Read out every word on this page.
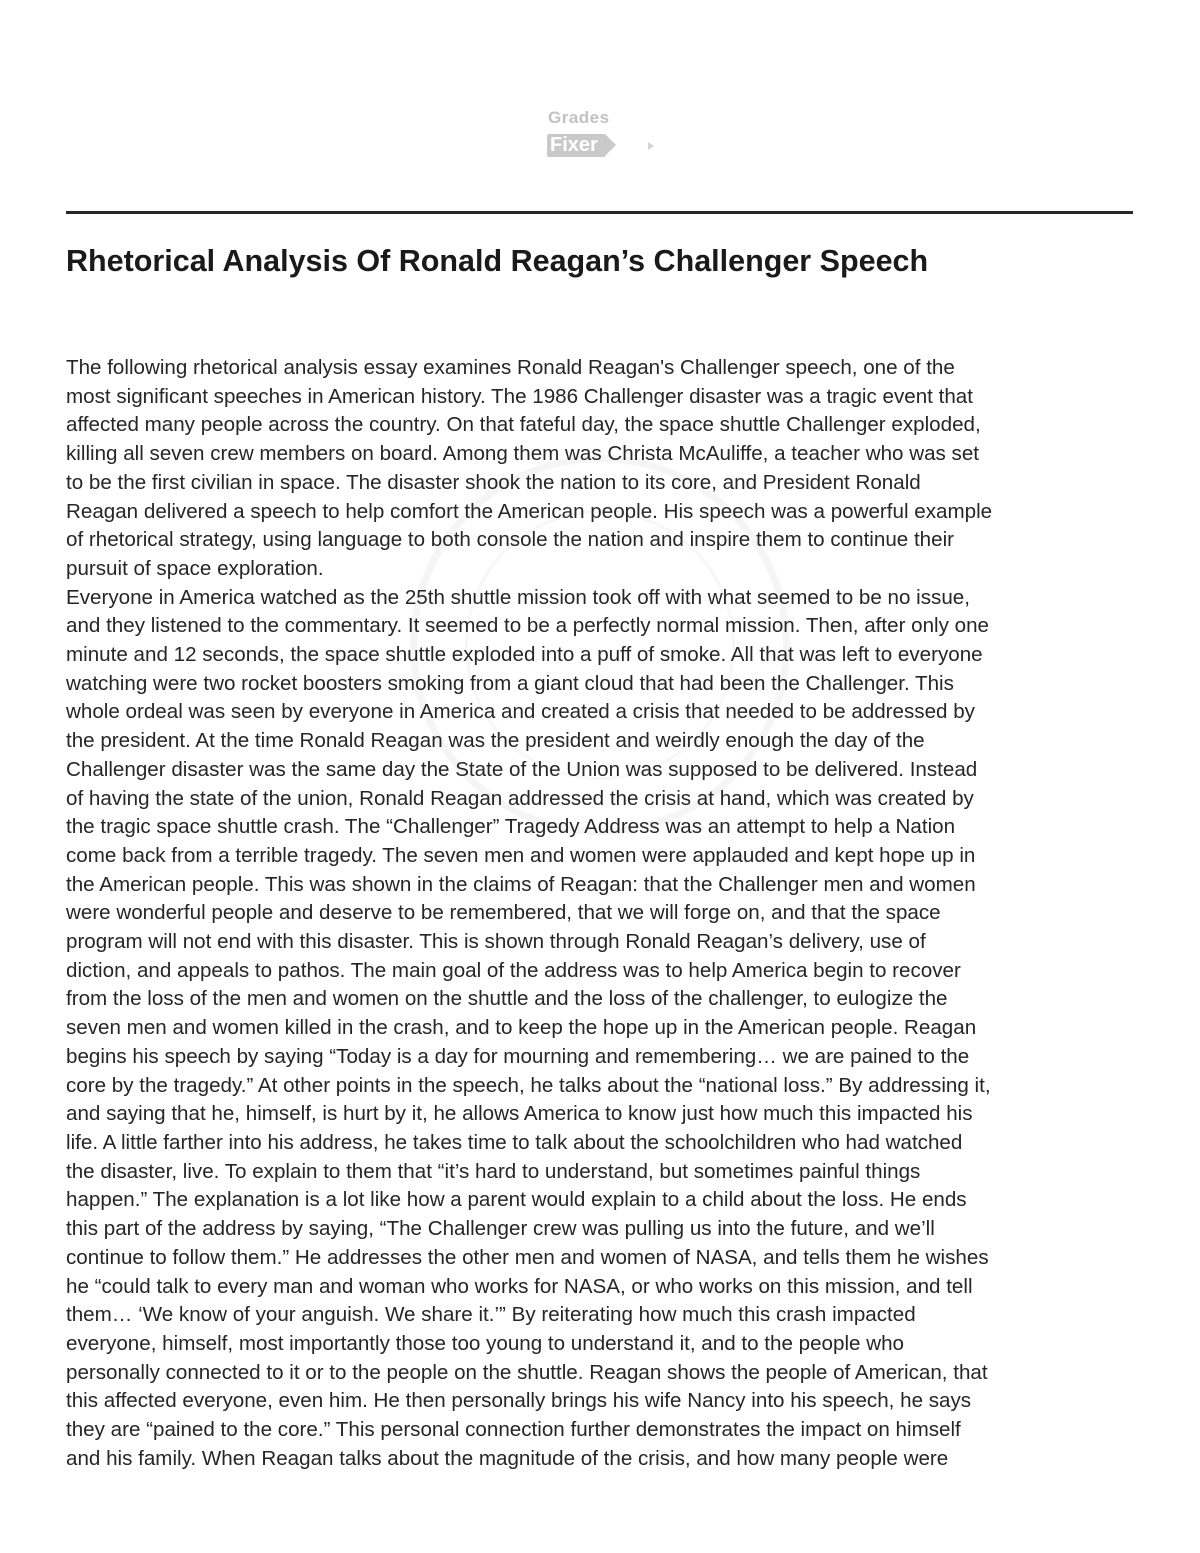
Grades
Fixer
Rhetorical Analysis Of Ronald Reagan’s Challenger Speech
The following rhetorical analysis essay examines Ronald Reagan's Challenger speech, one of the
most significant speeches in American history. The 1986 Challenger disaster was a tragic event that
affected many people across the country. On that fateful day, the space shuttle Challenger exploded,
killing all seven crew members on board. Among them was Christa McAuliffe, a teacher who was set
to be the first civilian in space. The disaster shook the nation to its core, and President Ronald
Reagan delivered a speech to help comfort the American people. His speech was a powerful example
of rhetorical strategy, using language to both console the nation and inspire them to continue their
pursuit of space exploration.
Everyone in America watched as the 25th shuttle mission took off with what seemed to be no issue,
and they listened to the commentary. It seemed to be a perfectly normal mission. Then, after only one
minute and 12 seconds, the space shuttle exploded into a puff of smoke. All that was left to everyone
watching were two rocket boosters smoking from a giant cloud that had been the Challenger. This
whole ordeal was seen by everyone in America and created a crisis that needed to be addressed by
the president. At the time Ronald Reagan was the president and weirdly enough the day of the
Challenger disaster was the same day the State of the Union was supposed to be delivered. Instead
of having the state of the union, Ronald Reagan addressed the crisis at hand, which was created by
the tragic space shuttle crash. The “Challenger” Tragedy Address was an attempt to help a Nation
come back from a terrible tragedy. The seven men and women were applauded and kept hope up in
the American people. This was shown in the claims of Reagan: that the Challenger men and women
were wonderful people and deserve to be remembered, that we will forge on, and that the space
program will not end with this disaster. This is shown through Ronald Reagan’s delivery, use of
diction, and appeals to pathos. The main goal of the address was to help America begin to recover
from the loss of the men and women on the shuttle and the loss of the challenger, to eulogize the
seven men and women killed in the crash, and to keep the hope up in the American people. Reagan
begins his speech by saying “Today is a day for mourning and remembering… we are pained to the
core by the tragedy.” At other points in the speech, he talks about the “national loss.” By addressing it,
and saying that he, himself, is hurt by it, he allows America to know just how much this impacted his
life. A little farther into his address, he takes time to talk about the schoolchildren who had watched
the disaster, live. To explain to them that “it’s hard to understand, but sometimes painful things
happen.” The explanation is a lot like how a parent would explain to a child about the loss. He ends
this part of the address by saying, “The Challenger crew was pulling us into the future, and we’ll
continue to follow them.” He addresses the other men and women of NASA, and tells them he wishes
he “could talk to every man and woman who works for NASA, or who works on this mission, and tell
them… ‘We know of your anguish. We share it.’” By reiterating how much this crash impacted
everyone, himself, most importantly those too young to understand it, and to the people who
personally connected to it or to the people on the shuttle. Reagan shows the people of American, that
this affected everyone, even him. He then personally brings his wife Nancy into his speech, he says
they are “pained to the core.” This personal connection further demonstrates the impact on himself
and his family. When Reagan talks about the magnitude of the crisis, and how many people were
